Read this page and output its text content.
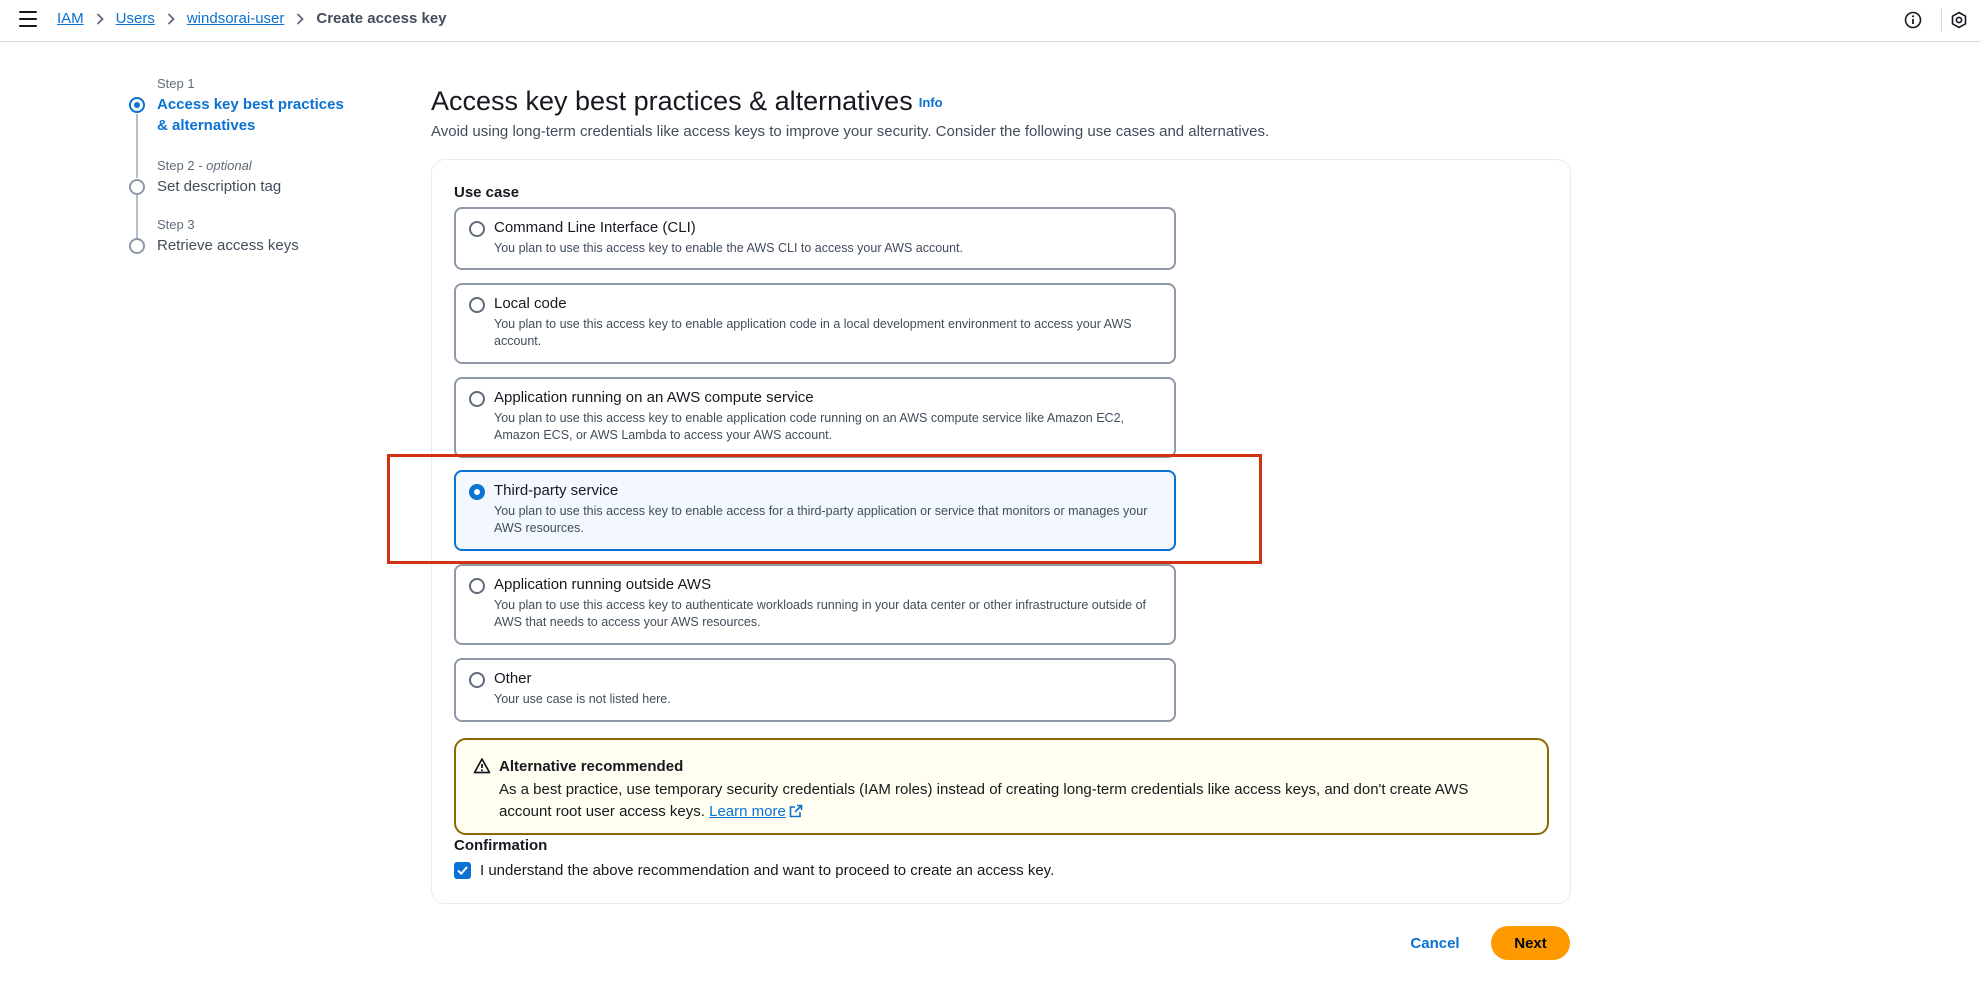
IAM Users windsorai-user Create access key
Step 1
Access key best practices & alternatives
Step 2 - optional
Set description tag
Step 3
Retrieve access keys
Access key best practices & alternatives Info
Avoid using long-term credentials like access keys to improve your security. Consider the following use cases and alternatives.
Use case
Command Line Interface (CLI)
You plan to use this access key to enable the AWS CLI to access your AWS account.
Local code
You plan to use this access key to enable application code in a local development environment to access your AWS account.
Application running on an AWS compute service
You plan to use this access key to enable application code running on an AWS compute service like Amazon EC2, Amazon ECS, or AWS Lambda to access your AWS account.
Third-party service
You plan to use this access key to enable access for a third-party application or service that monitors or manages your AWS resources.
Application running outside AWS
You plan to use this access key to authenticate workloads running in your data center or other infrastructure outside of AWS that needs to access your AWS resources.
Other
Your use case is not listed here.
Alternative recommended
As a best practice, use temporary security credentials (IAM roles) instead of creating long-term credentials like access keys, and don't create AWS account root user access keys. Learn more
Confirmation
I understand the above recommendation and want to proceed to create an access key.
Cancel	Next
